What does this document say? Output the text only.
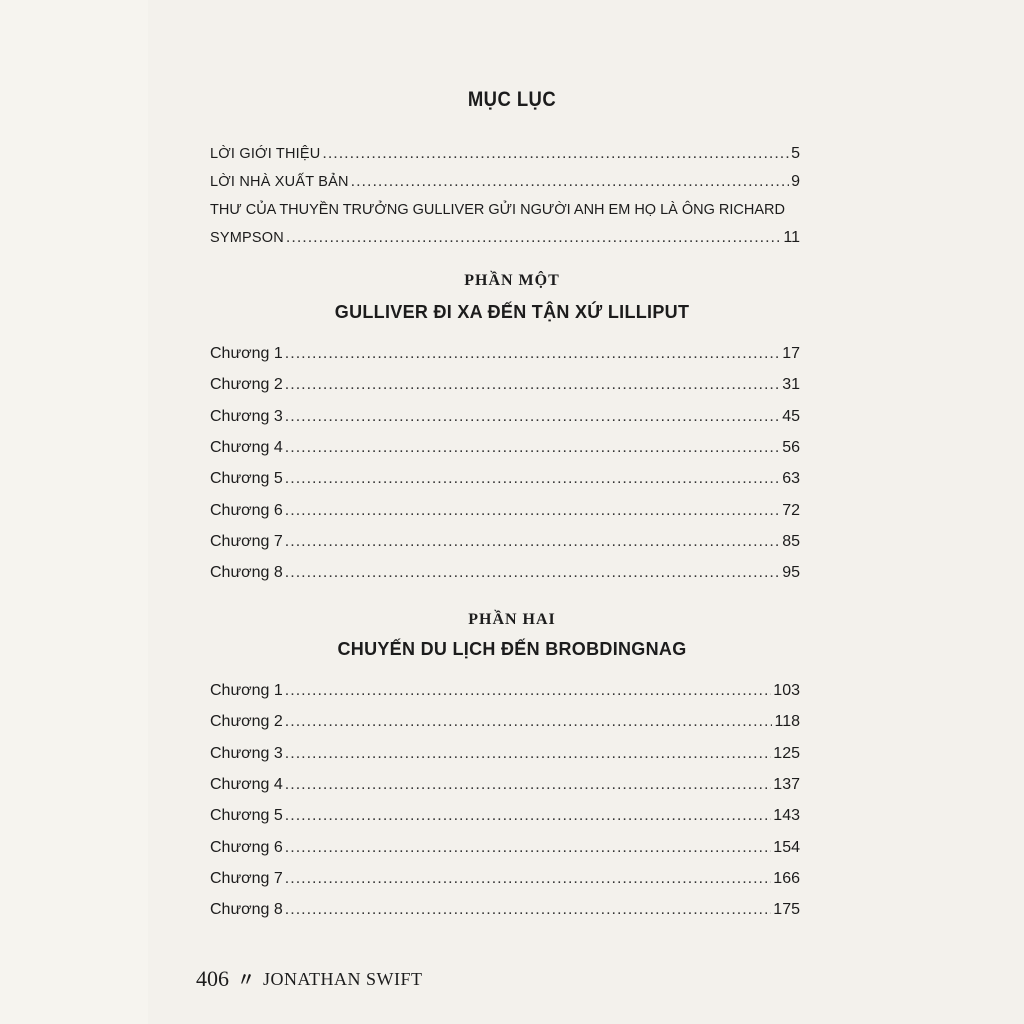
MỤC LỤC
LỜI GIỚI THIỆU .....	5
LỜI NHÀ XUẤT BẢN .....	9
THƯ CỦA THUYỀN TRƯỞNG GULLIVER GỬI NGƯỜI ANH EM HỌ LÀ ÔNG RICHARD
SYMPSON .....	11
PHẦN MỘT
GULLIVER ĐI XA ĐẾN TẬN XỨ LILLIPUT
Chương 1 .....	17
Chương 2 .....	31
Chương 3 .....	45
Chương 4 .....	56
Chương 5 .....	63
Chương 6 .....	72
Chương 7 .....	85
Chương 8 .....	95
PHẦN HAI
CHUYẾN DU LỊCH ĐẾN BROBDINGNAG
Chương 1 .....	103
Chương 2 .....	118
Chương 3 .....	125
Chương 4 .....	137
Chương 5 .....	143
Chương 6 .....	154
Chương 7 .....	166
Chương 8 .....	175
406 〃 JONATHAN SWIFT
